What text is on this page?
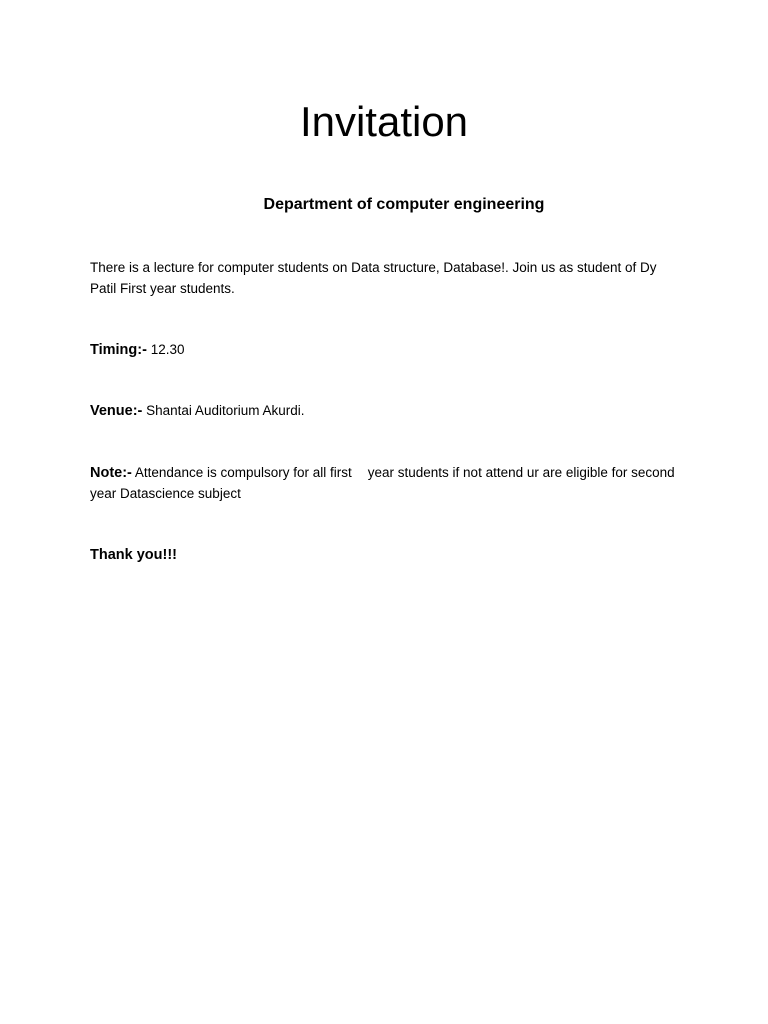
Invitation
Department of computer engineering

There is a lecture for computer students on Data structure, Database!. Join us as student of Dy Patil First year students.

Timing:- 12.30

Venue:- Shantai Auditorium Akurdi.

Note:- Attendance is compulsory for all first year students if not attend ur are eligible for second year Datascience subject

Thank you!!!
